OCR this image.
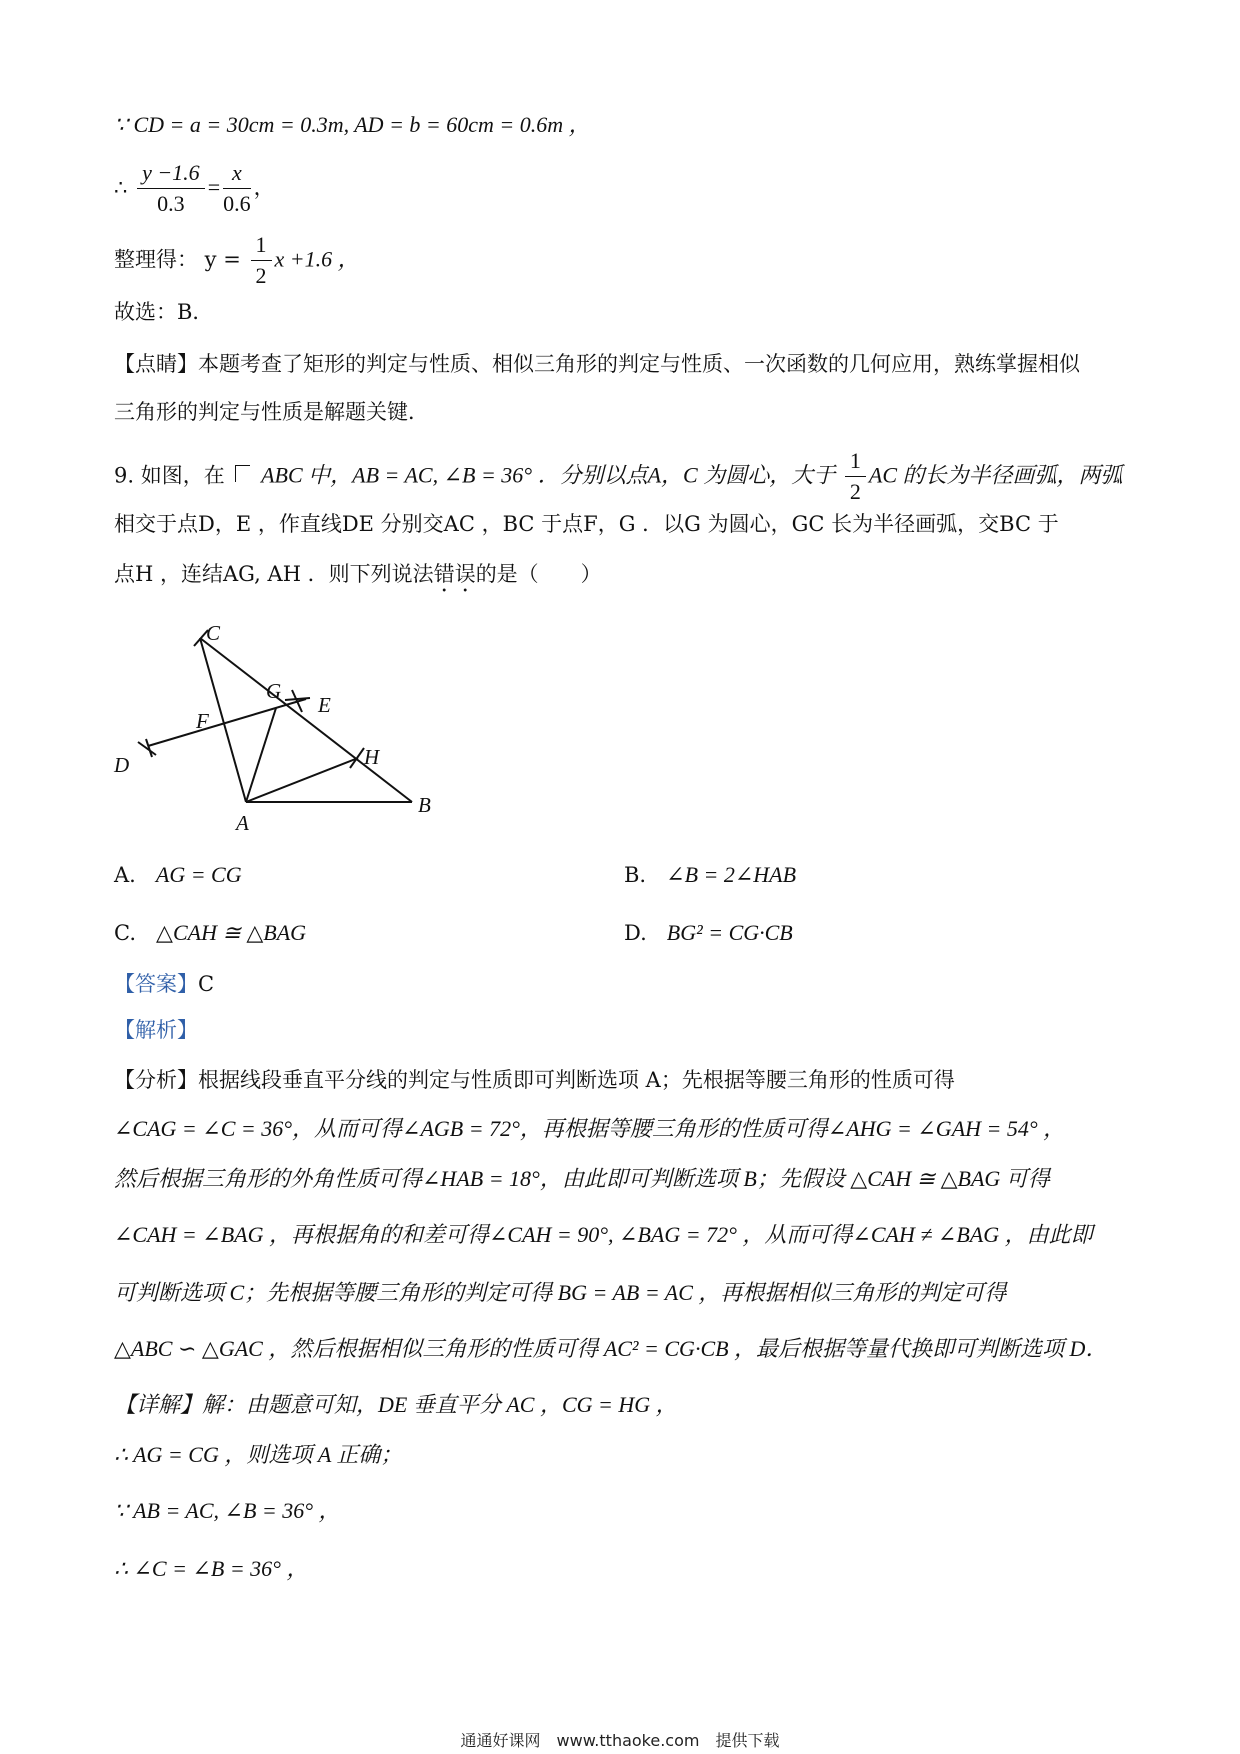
∵ CD = a = 30cm = 0.3m, AD = b = 60cm = 0.6m ，
∴ $\frac{y -1.6}{0.3} = \frac{x}{0.6}$ ，
整理得： $y = \frac{1}{2}$ x +1.6 ，
故选：B．
【点睛】本题考查了矩形的判定与性质、相似三角形的判定与性质、一次函数的几何应用，熟练掌握相似
三角形的判定与性质是解题关键．
9. 如图，在 ABC 中，AB = AC, ∠B = 36° ．分别以点A，C 为圆心，大于 $\frac{1}{2}$ AC 的长为半径画弧，两弧
相交于点D，E ，作直线DE 分别交AC ，BC 于点F，G ．以G 为圆心，GC 长为半径画弧，交BC 于
点H ，连结AG, AH ．则下列说法错误的是（　　）
C
G
E
F
D	H
A
B
A. AG = CG	B. ∠B = 2∠HAB
C. △CAH ≅ △BAG	D. BG² = CG·CB
【答案】C
【解析】
【分析】根据线段垂直平分线的判定与性质即可判断选项 A；先根据等腰三角形的性质可得
∠CAG = ∠C = 36°，从而可得∠AGB = 72°，再根据等腰三角形的性质可得∠AHG = ∠GAH = 54° ，
然后根据三角形的外角性质可得∠HAB = 18°，由此即可判断选项 B；先假设 △CAH ≅ △BAG 可得
∠CAH = ∠BAG ，再根据角的和差可得∠CAH = 90°, ∠BAG = 72° ，从而可得∠CAH ≠ ∠BAG ，由此即
可判断选项 C；先根据等腰三角形的判定可得 BG = AB = AC ，再根据相似三角形的判定可得
△ABC ∽ △GAC ，然后根据相似三角形的性质可得 AC² = CG·CB ，最后根据等量代换即可判断选项 D．
【详解】解：由题意可知，DE 垂直平分 AC ，CG = HG ，
∴ AG = CG ，则选项 A 正确；
∵ AB = AC, ∠B = 36° ，
∴ ∠C = ∠B = 36° ，
通通好课网　www.tthaoke.com　提供下载
